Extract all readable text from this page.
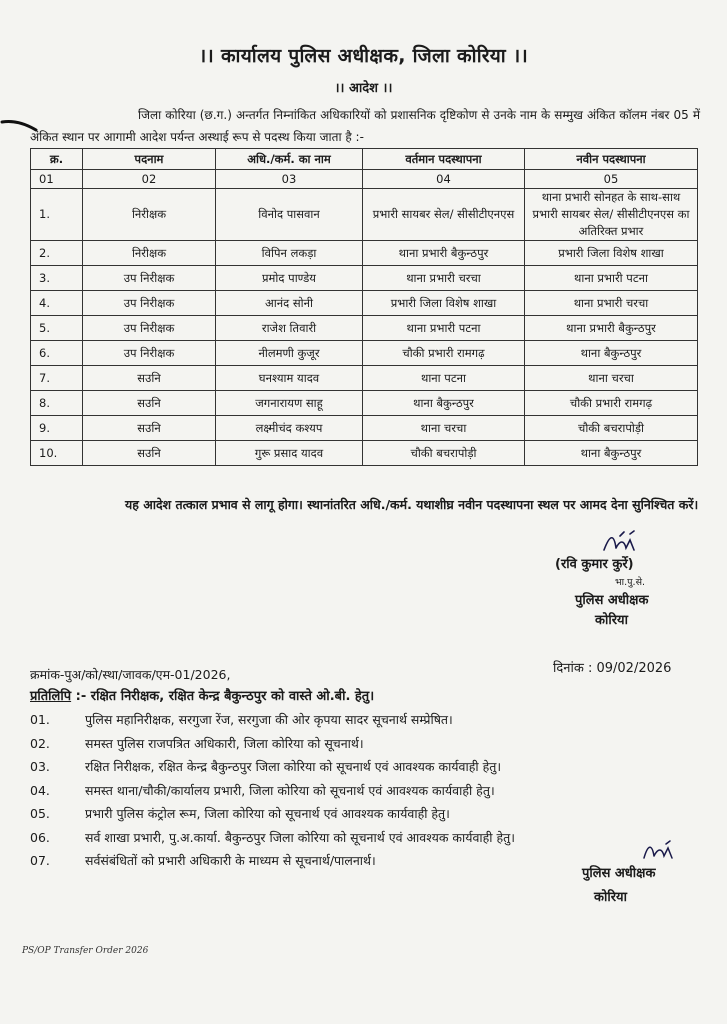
।। कार्यालय पुलिस अधीक्षक, जिला कोरिया ।।
।। आदेश ।।
जिला कोरिया (छ.ग.) अन्तर्गत निम्नांकित अधिकारियों को प्रशासनिक दृष्टिकोण से उनके नाम के सम्मुख अंकित कॉलम नंबर 05 में अंकित स्थान पर आगामी आदेश पर्यन्त अस्थाई रूप से पदस्थ किया जाता है :-
क्र.	पदनाम	अधि./कर्म. का नाम	वर्तमान पदस्थापना	नवीन पदस्थापना
01	02	03	04	05
1.	निरीक्षक	विनोद पासवान	प्रभारी सायबर सेल/ सीसीटीएनएस	थाना प्रभारी सोनहत के साथ-साथ प्रभारी सायबर सेल/ सीसीटीएनएस का अतिरिक्त प्रभार
2.	निरीक्षक	विपिन लकड़ा	थाना प्रभारी बैकुन्ठपुर	प्रभारी जिला विशेष शाखा
3.	उप निरीक्षक	प्रमोद पाण्डेय	थाना प्रभारी चरचा	थाना प्रभारी पटना
4.	उप निरीक्षक	आनंद सोनी	प्रभारी जिला विशेष शाखा	थाना प्रभारी चरचा
5.	उप निरीक्षक	राजेश तिवारी	थाना प्रभारी पटना	थाना प्रभारी बैकुन्ठपुर
6.	उप निरीक्षक	नीलमणी कुजूर	चौकी प्रभारी रामगढ़	थाना बैकुन्ठपुर
7.	सउनि	घनश्याम यादव	थाना पटना	थाना चरचा
8.	सउनि	जगनारायण साहू	थाना बैकुन्ठपुर	चौकी प्रभारी रामगढ़
9.	सउनि	लक्ष्मीचंद कश्यप	थाना चरचा	चौकी बचरापोड़ी
10.	सउनि	गुरू प्रसाद यादव	चौकी बचरापोड़ी	थाना बैकुन्ठपुर
यह आदेश तत्काल प्रभाव से लागू होगा। स्थानांतरित अधि./कर्म. यथाशीघ्र नवीन पदस्थापना स्थल पर आमद देना सुनिश्चित करें।
(रवि कुमार कुर्रे)
भा.पु.से.
पुलिस अधीक्षक
कोरिया
दिनांक : 09/02/2026
क्रमांक-पुअ/को/स्था/जावक/एम-01/2026,
प्रतिलिपि :- रक्षित निरीक्षक, रक्षित केन्द्र बैकुन्ठपुर को वास्ते ओ.बी. हेतु।
01.	पुलिस महानिरीक्षक, सरगुजा रेंज, सरगुजा की ओर कृपया सादर सूचनार्थ सम्प्रेषित।
02.	समस्त पुलिस राजपत्रित अधिकारी, जिला कोरिया को सूचनार्थ।
03.	रक्षित निरीक्षक, रक्षित केन्द्र बैकुन्ठपुर जिला कोरिया को सूचनार्थ एवं आवश्यक कार्यवाही हेतु।
04.	समस्त थाना/चौकी/कार्यालय प्रभारी, जिला कोरिया को सूचनार्थ एवं आवश्यक कार्यवाही हेतु।
05.	प्रभारी पुलिस कंट्रोल रूम, जिला कोरिया को सूचनार्थ एवं आवश्यक कार्यवाही हेतु।
06.	सर्व शाखा प्रभारी, पु.अ.कार्या. बैकुन्ठपुर जिला कोरिया को सूचनार्थ एवं आवश्यक कार्यवाही हेतु।
07.	सर्वसंबंधितों को प्रभारी अधिकारी के माध्यम से सूचनार्थ/पालनार्थ।
पुलिस अधीक्षक
कोरिया
PS/OP Transfer Order 2026
